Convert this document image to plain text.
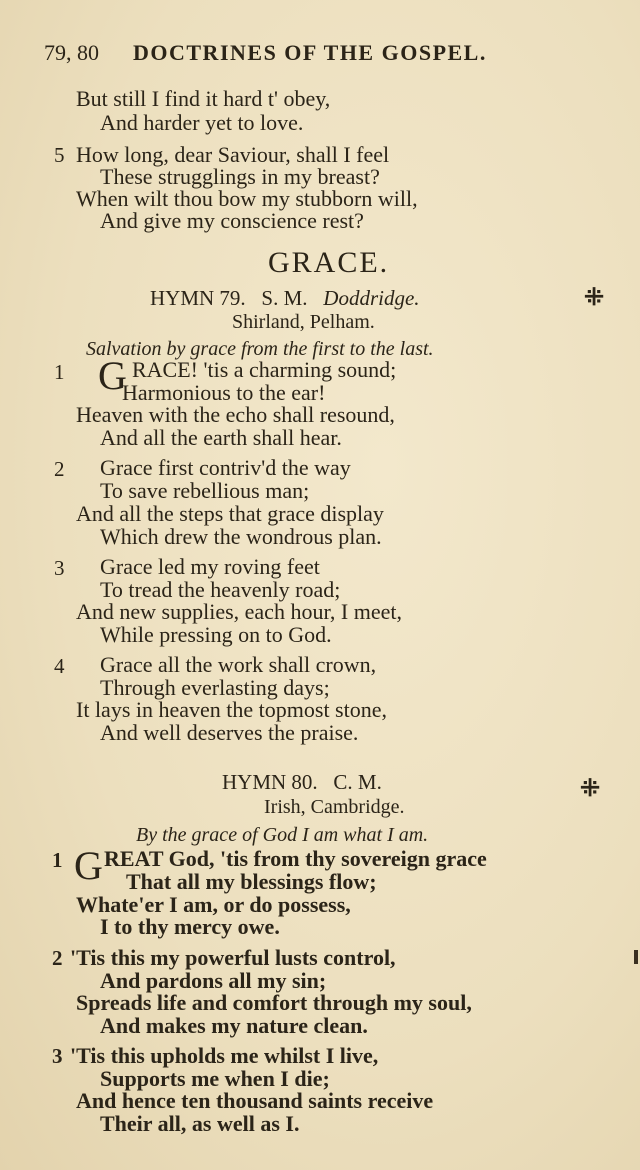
79, 80 DOCTRINES OF THE GOSPEL.
But still I find it hard t' obey,
And harder yet to love.
5 How long, dear Saviour, shall I feel
These strugglings in my breast?
When wilt thou bow my stubborn will,
And give my conscience rest?
GRACE.
HYMN 79. S. M. Doddridge.	⁜
Shirland, Pelham.
Salvation by grace from the first to the last.
1 G RACE! 'tis a charming sound;
Harmonious to the ear!
Heaven with the echo shall resound,
And all the earth shall hear.
2 Grace first contriv'd the way
To save rebellious man;
And all the steps that grace display
Which drew the wondrous plan.
3 Grace led my roving feet
To tread the heavenly road;
And new supplies, each hour, I meet,
While pressing on to God.
4 Grace all the work shall crown,
Through everlasting days;
It lays in heaven the topmost stone,
And well deserves the praise.
HYMN 80. C. M.	⁜
Irish, Cambridge.
By the grace of God I am what I am.
1 G REAT God, 'tis from thy sovereign grace
That all my blessings flow;
Whate'er I am, or do possess,
I to thy mercy owe.
2 'Tis this my powerful lusts control,
And pardons all my sin;
Spreads life and comfort through my soul,
And makes my nature clean.
3 'Tis this upholds me whilst I live,
Supports me when I die;
And hence ten thousand saints receive
Their all, as well as I.
